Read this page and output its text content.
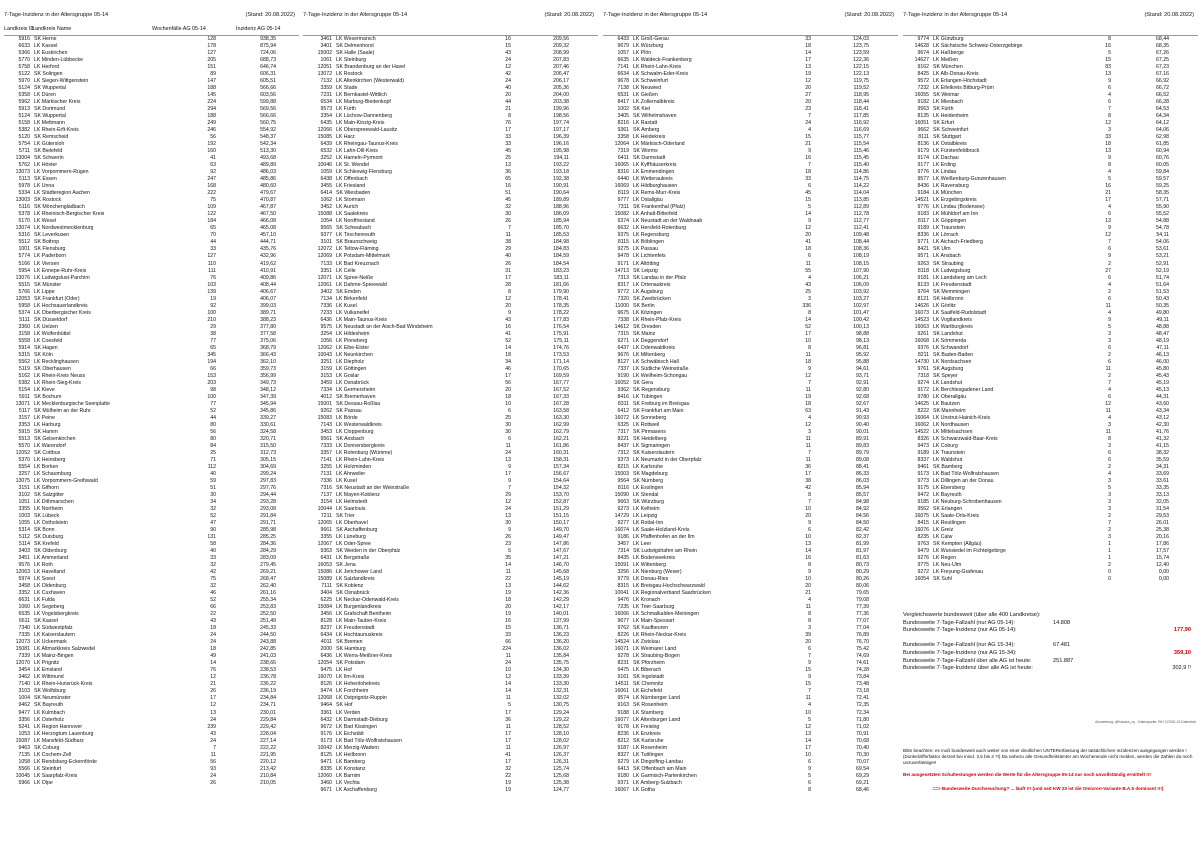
7-Tage-Inzidenz in der Altersgruppe 05-14	(Stand: 20.08.2022)
Landkreis ID
Landkreis Name	Wochenfälle AG 05-14	Inzidenz AG 05-14
5916 SK Herne	128	938,35
6633 LK Kassel	178	875,94
5366 LK Euskirchen	127	724,06
5770 LK Minden-Lübbecke	205	688,73
5758 LK Herford	151	646,74
5122 SK Solingen	89	606,31
5970 LK Siegen-Wittgenstein	147	605,51
5124 SK Wuppertal	188	566,66
5358 LK Düren	145	603,56
5962 LK Märkischer Kreis	224	599,88
5913 SK Dortmund	294	569,56
5124 SK Wuppertal	188	566,66
5158 LK Mettmann	249	560,75
5382 LK Rhein-Erft-Kreis	246	554,92
5120 SK Remscheid	56	548,37
5754 LK Gütersloh	192	542,34
5711 SK Bielefeld	160	513,30
13004 SK Schwerin	41	493,68
5762 LK Höxter	63	489,89
13073 LK Vorpommern-Rügen	92	486,03
5113 SK Essen	247	485,86
5978 LK Unna	168	480,60
5334 LK Städteregion Aachen	222	479,67
13003 SK Rostock	75	470,87
5116 SK Mönchengladbach	109	467,87
5378 LK Rheinisch-Bergischer Kreis	122	467,50
5170 LK Wesel	184	466,08
13074 LK Nordwestmecklenburg	65	465,08
5316 SK Leverkusen	70	457,10
5512 SK Bottrop	44	444,71
1001 SK Flensburg	33	435,76
5774 LK Paderborn	127	432,96
5166 LK Viersen	110	419,62
5954 LK Ennepe-Ruhr-Kreis	111	410,91
13076 LK Ludwigslust-Parchim	76	409,86
5515 SK Münster	103	408,44
5766 LK Lippe	139	406,67
12053 SK Frankfurt (Oder)	19	406,07
5958 LK Hochsauerlandkreis	92	399,03
5374 LK Oberbergischer Kreis	100	389,71
5111 SK Düsseldorf	210	388,23
3360 LK Uelzen	29	377,80
3158 LK Wolfenbüttel	38	377,58
5558 LK Coesfeld	77	375,06
5914 SK Hagen	65	368,79
5315 SK Köln	345	366,43
5562 LK Recklinghausen	194	362,10
5119 SK Oberhausen	66	359,73
5162 LK Rhein-Kreis Neuss	153	356,99
5382 LK Rhein-Sieg-Kreis	203	349,73
5154 LK Kleve	98	348,12
5911 SK Bochum	100	347,39
13071 LK Mecklenburgische Seenplatte	77	345,94
5117 SK Mülheim an der Ruhr	52	345,86
3157 LK Peine	44	339,27
3353 LK Harburg	80	330,61
5915 SK Hamm	56	324,58
5513 SK Gelsenkirchen	80	320,71
5570 LK Warendorf	84	315,50
12052 SK Cottbus	25	312,73
5370 LK Heinsberg	71	305,15
5554 LK Borken	112	304,69
3257 LK Schaumburg	40	299,24
13075 LK Vorpommern-Greifswald	59	297,83
3151 LK Gifhorn	51	297,76
3102 SK Salzgitter	30	294,44
1051 LK Dithmarschen	34	293,28
3355 LK Northeim	32	293,08
1003 SK Lübeck	52	291,84
1055 LK Ostholstein	47	291,71
5314 SK Bonn	90	285,98
5112 SK Duisburg	131	285,25
5114 SK Krefeld	58	284,36
3403 SK Oldenburg	40	284,29
3451 LK Ammerland	33	283,09
9576 LK Roth	32	279,45
12063 LK Havelland	42	269,21
5974 LK Soest	75	268,47
3458 LK Oldenburg	32	262,40
3352 LK Cuxhaven	46	261,16
6631 LK Fulda	52	255,34
1060 LK Segeberg	66	253,83
6535 LK Vogelsbergkreis	22	252,50
6611 SK Kassel	43	251,49
7340 LK Südwestpfalz	18	245,33
7335 LK Kaiserslautern	24	244,50
12073 LK Uckermark	24	243,88
15081 LK Altmarkkreis Salzwedel	18	242,85
7339 LK Mainz-Bingen	49	241,03
12070 LK Prignitz	14	238,66
3454 LK Emsland	76	238,53
3462 LK Wittmund	12	236,78
7140 LK Rhein-Hunsrück-Kreis	21	236,22
3103 SK Wolfsburg	26	236,19
1004 SK Neumünster	17	234,84
9462 SK Bayreuth	12	234,71
9477 LK Kulmbach	13	230,01
3356 LK Osterholz	24	229,84
5241 LK Region Hannover	239	229,42
1053 LK Herzogtum Lauenburg	43	228,04
15087 LK Mansfeld-Südharz	24	227,14
9463 SK Coburg	7	222,22
7135 LK Cochem-Zell	11	221,95
1058 LK Rendsburg-Eckernförde	56	220,12
5566 LK Steinfurt	93	213,42
10045 LK Saarpfalz-Kreis	24	210,84
5966 LK Olpe	26	210,05
7-Tage-Inzidenz in der Altersgruppe 05-14	(Stand: 20.08.2022)
3461 LK Wesermarsch	16	209,56
3401 SK Delmenhorst	15	209,32
15002 SK Halle (Saale)	43	208,99
1061 LK Steinburg	24	207,83
12051 SK Brandenburg an der Havel	12	207,46
13072 LK Rostock	42	206,47
7132 LK Altenkirchen (Westerwald)	24	206,17
3359 LK Stade	40	205,36
7231 LK Bernkastel-Wittlich	20	204,00
6534 LK Marburg-Biedenkopf	44	203,38
9573 LK Fürth	21	199,96
3354 LK Lüchow-Dannenberg	8	198,56
6435 LK Main-Kinzig-Kreis	76	197,74
12066 LK Oberspreewald-Lausitz	17	197,17
15085 LK Harz	33	196,39
6439 LK Rheingau-Taunus-Kreis	33	196,16
6532 LK Lahn-Dill-Kreis	45	195,98
3252 LK Hameln-Pyrmont	25	194,11
10046 LK St. Wendel	13	193,22
1059 LK Schleswig-Flensburg	36	193,18
6438 LK Offenbach	65	192,38
3455 LK Friesland	16	190,91
6414 SK Wiesbaden	51	190,64
1062 LK Stormarn	45	189,89
3452 LK Aurich	32	188,96
15088 LK Saalekreis	30	186,09
1054 LK Nordfriesland	26	185,94
9565 SK Schwabach	7	185,70
9377 LK Tirschenreuth	11	185,53
3101 SK Braunschweig	38	184,98
12072 LK Teltow-Fläming	29	184,83
12069 LK Potsdam-Mittelmark	40	184,59
7133 LK Bad Kreuznach	26	184,54
3351 LK Celle	31	183,23
12071 LK Spree-Neiße	17	183,11
12061 LK Dahme-Spreewald	28	181,66
3402 SK Emden	8	179,90
7134 LK Birkenfeld	12	178,41
7336 LK Kusel	20	178,35
7233 LK Vulkaneifel	9	178,22
6436 LK Main-Taunus-Kreis	43	177,83
9575 LK Neustadt an der Aisch-Bad Windsheim	16	176,54
3254 LK Hildesheim	41	175,91
1056 LK Pinneberg	52	175,11
12062 LK Elbe-Elster	14	174,76
10043 LK Neunkirchen	18	173,53
3251 LK Diepholz	34	171,14
3159 LK Göttingen	46	170,65
3153 LK Goslar	17	169,59
3459 LK Osnabrück	56	167,77
7334 LK Germersheim	20	167,52
4012 SK Bremerhaven	18	167,33
15001 SK Dessau-Roßlau	10	167,28
9262 SK Passau	6	163,58
15083 LK Börde	25	163,30
7143 LK Westerwaldkreis	30	162,99
3453 LK Cloppenburg	30	162,79
9561 SK Ansbach	6	162,21
7333 LK Donnersbergkreis	11	161,86
3357 LK Rotenburg (Wümme)	24	160,31
7141 LK Rhein-Lahn-Kreis	13	158,31
3255 LK Holzminden	9	157,34
7131 LK Ahrweiler	17	156,67
7336 LK Kusel	9	154,64
7316 SK Neustadt an der Weinstraße	7	154,32
7137 LK Mayen-Koblenz	29	153,70
3154 LK Helmstedt	12	152,87
10044 LK Saarlouis	24	151,29
7211 SK Trier	13	151,15
12065 LK Oberhavel	30	150,17
9661 SK Aschaffenburg	9	149,70
3355 LK Lüneburg	26	149,47
12067 LK Oder-Spree	23	147,86
9363 SK Weiden in der Oberpfalz	5	147,67
6431 LK Bergstraße	35	147,21
16053 SK Jena	14	146,70
15086 LK Jerichower Land	11	145,68
15089 LK Salzlandkreis	22	145,19
7111 SK Koblenz	13	144,62
3404 SK Osnabrück	19	142,36
6225 LK Neckar-Odenwald-Kreis	18	142,29
15084 LK Burgenlandkreis	20	142,17
3456 LK Grafschaft Bentheim	19	140,01
8128 LK Main-Tauber-Kreis	16	137,99
8237 LK Freudenstadt	15	136,71
6434 LK Hochtaunuskreis	33	136,23
4011 SK Bremen	66	136,20
2000 SK Hamburg	224	136,02
6436 LK Werra-Meißner-Kreis	11	135,84
12054 SK Potsdam	24	135,75
9475 LK Hof	10	134,30
16070 LK Ilm-Kreis	12	133,39
8126 LK Hohenlohekreis	14	133,30
9474 LK Forchheim	14	132,31
12068 LK Ostprignitz-Ruppin	11	132,02
9464 SK Hof	5	130,75
3361 LK Verden	17	129,24
6432 LK Darmstadt-Dieburg	36	129,22
9672 LK Bad Kissingen	11	128,52
9176 LK Eichstätt	17	128,10
9173 LK Bad Tölz-Wolfratshausen	17	128,02
10042 LK Merzig-Wadern	11	126,97
8125 LK Heilbronn	41	126,37
9471 LK Bamberg	17	126,31
8335 LK Konstanz	32	125,74
12060 LK Barnim	22	125,68
3460 LK Vechta	19	125,38
9671 LK Aschaffenburg	19	124,77
7-Tage-Inzidenz in der Altersgruppe 05-14	(Stand: 20.08.2022)
6433 LK Groß-Gerau	33	124,03
9679 LK Würzburg	18	123,75
1057 LK Plön	14	123,59
6635 LK Waldeck-Frankenberg	17	122,36
7141 LK Rhein-Lahn-Kreis	13	122,15
6634 LK Schwalm-Eder-Kreis	19	122,13
9678 LK Schweinfurt	12	119,75
7138 LK Neuwied	20	119,52
6531 LK Gießen	27	118,95
8417 LK Zollernalbkreis	20	118,44
1002 SK Kiel	23	118,41
3405 SK Wilhelmshaven	7	117,85
8216 LK Rastatt	24	116,92
9361 SK Amberg	4	116,69
3358 LK Heidekreis	15	115,77
12064 LK Märkisch-Oderland	21	115,54
7319 SK Worms	9	115,46
6411 SK Darmstadt	16	115,45
16065 LK Kyffhäuserkreis	7	115,40
8316 LK Emmendingen	18	114,86
6440 LK Wetteraukreis	33	114,75
16069 LK Hildburghausen	6	114,22
8119 LK Rems-Murr-Kreis	45	114,04
9777 LK Ostallgäu	15	113,85
7311 SK Frankenthal (Pfalz)	5	112,89
15082 LK Anhalt-Bitterfeld	14	112,78
9374 LK Neustadt an der Waldnaab	9	112,77
6632 LK Hersfeld-Rotenburg	12	112,41
9375 LK Regensburg	20	109,48
8115 LK Böblingen	41	108,44
9275 LK Passau	18	108,36
9478 LK Lichtenfels	6	108,19
9171 LK Altötting	11	108,15
14713 SK Leipzig	55	107,90
7313 SK Landau in der Pfalz	4	106,21
8317 LK Ortenaukreis	43	106,09
9772 LK Augsburg	25	103,92
7320 SK Zweibrücken	3	103,27
11000 SK Berlin	336	102,97
9675 LK Kitzingen	8	101,47
7338 LK Rhein-Pfalz-Kreis	14	100,42
14612 SK Dresden	52	100,13
7315 SK Mainz	17	98,88
9271 LK Deggendorf	10	98,13
6437 LK Odenwaldkreis	8	96,81
9676 LK Miltenberg	11	95,92
8127 LK Schwäbisch Hall	18	95,88
7337 LK Südliche Weinstraße	9	94,61
9190 LK Weilheim-Schongau	12	93,71
16052 SK Gera	7	92,91
9362 SK Regensburg	11	92,80
8416 LK Tübingen	19	92,68
8311 SK Freiburg im Breisgau	18	92,67
6412 SK Frankfurt am Main	63	91,43
16072 LK Sonneberg	4	90,93
6325 LK Rottweil	12	90,40
7317 SK Pirmasens	3	90,01
8221 SK Heidelberg	11	89,91
8437 LK Sigmaringen	11	89,83
7312 SK Kaiserslautern	7	89,79
9373 LK Neumarkt in der Oberpfalz	11	89,08
8215 LK Karlsruhe	36	88,41
15003 SK Magdeburg	17	86,33
9564 SK Nürnberg	38	86,03
8116 LK Esslingen	42	85,94
15090 LK Stendal	8	85,57
9663 SK Würzburg	7	84,98
9273 LK Kelheim	10	84,92
14729 LK Leipzig	20	84,56
9277 LK Rottal-Inn	9	84,50
16074 LK Saale-Holzland-Kreis	6	82,42
9186 LK Pfaffenhofen an der Ilm	10	82,37
3457 LK Leer	13	81,99
7314 SK Ludwigshafen am Rhein	14	81,97
8435 LK Bodenseekreis	16	81,63
15091 LK Wittenberg	8	80,73
3256 LK Nienburg (Weser)	9	80,29
9779 LK Donau-Ries	10	80,26
8315 LK Breisgau-Hochschwarzwald	20	80,06
10041 LK Regionalverband Saarbrücken	21	79,65
9476 LK Kronach	4	79,08
7235 LK Trier-Saarburg	11	77,39
16066 LK Schmalkalden-Meiningen	8	77,36
9677 LK Main-Spessart	8	77,07
9762 SK Kaufbeuren	3	77,04
8226 LK Rhein-Neckar-Kreis	39	76,89
14524 LK Zwickau	20	76,70
16071 LK Weimarer Land	6	75,42
9278 LK Straubing-Bogen	7	74,69
8231 SK Pforzheim	9	74,61
9475 LK Biberach	15	74,28
9161 SK Ingolstadt	9	73,84
14511 SK Chemnitz	15	73,48
16061 LK Eichsfeld	7	73,18
9574 LK Nürnberger Land	11	72,41
9163 SK Rosenheim	4	72,35
9188 LK Starnberg	10	72,34
16077 LK Altenburger Land	5	71,80
9178 LK Freising	12	71,02
8236 LK Enzkreis	13	70,91
8212 SK Karlsruhe	14	70,68
9187 LK Rosenheim	17	70,40
8327 LK Tuttlingen	10	70,30
9279 LK Dingolfing-Landau	6	70,07
6413 SK Offenbach am Main	9	69,54
9180 LK Garmisch-Partenkirchen	5	69,29
9371 LK Amberg-Sulzbach	6	69,21
16067 LK Gotha	8	68,46
7-Tage-Inzidenz in der Altersgruppe 05-14	(Stand: 20.08.2022)
9774 LK Günzburg	8	68,44
14628 LK Sächsische Schweiz-Osterzgebirge	16	68,35
9674 LK Haßberge	5	67,26
14627 LK Meißen	15	67,25
9162 SK München	83	67,23
8425 LK Alb-Donau-Kreis	13	67,16
9572 LK Erlangen-Höchstadt	9	66,92
7232 LK Eifelkreis Bitburg-Prüm	6	66,72
16055 SK Weimar	4	66,52
9182 LK Miesbach	6	66,28
9563 SK Fürth	7	64,53
8135 LK Heidenheim	8	64,34
16051 SK Erfurt	12	64,12
9662 SK Schweinfurt	3	64,06
8111 SK Stuttgart	33	62,98
8136 LK Ostalbkreis	18	61,85
9179 LK Fürstenfeldbruck	13	60,94
9174 LK Dachau	9	60,76
9177 LK Erding	8	60,05
9776 LK Lindau	4	59,84
9577 LK Weißenburg-Gunzenhausen	5	59,57
8436 LK Ravensburg	16	59,25
9184 LK München	21	58,35
14521 LK Erzgebirgskreis	17	57,71
9776 LK Lindau (Bodensee)	4	55,90
9183 LK Mühldorf am Inn	6	55,52
8117 LK Göppingen	13	54,88
9189 LK Traunstein	9	54,78
8336 LK Lörrach	12	54,11
9771 LK Aichach-Friedberg	7	54,06
8421 SK Ulm	6	53,61
9571 LK Ansbach	9	53,21
9263 SK Straubing	2	52,91
8118 LK Ludwigsburg	27	52,19
9181 LK Landsberg am Lech	6	51,74
8133 LK Freudenstadt	4	51,64
9764 SK Memmingen	2	51,53
8121 SK Heilbronn	6	50,43
14626 LK Görlitz	11	50,35
16073 LK Saalfeld-Rudolstadt	4	49,80
14523 LK Vogtlandkreis	9	49,11
16063 LK Wartburgkreis	5	48,88
9261 SK Landshut	3	48,47
16068 LK Sömmerda	3	48,19
9376 LK Schwandorf	6	47,11
8211 SK Baden-Baden	2	46,13
14730 LK Nordsachsen	6	46,00
9761 SK Augsburg	11	45,80
7318 SK Speyer	2	45,43
9274 LK Landshut	7	45,19
9172 LK Berchtesgadener Land	4	45,13
9780 LK Oberallgäu	6	44,31
14625 LK Bautzen	12	43,60
8222 SK Mannheim	11	43,34
16064 LK Unstrut-Hainich-Kreis	4	43,12
16062 LK Nordhausen	3	42,30
14522 LK Mittelsachsen	11	41,76
8326 LK Schwarzwald-Baar-Kreis	8	41,32
9473 LK Coburg	3	41,15
9189 LK Traunstein	6	38,32
8337 LK Waldshut	6	35,59
9461 SK Bamberg	2	34,31
9173 LK Bad Tölz-Wolfratshausen	4	33,69
9773 LK Dillingen an der Donau	3	33,61
9175 LK Ebersberg	5	33,35
9472 LK Bayreuth	3	33,13
9185 LK Neuburg-Schrobenhausen	3	32,05
9562 SK Erlangen	3	31,54
16075 LK Saale-Orla-Kreis	2	29,53
8415 LK Reutlingen	7	26,01
16076 LK Greiz	2	25,38
8235 LK Calw	3	20,16
9763 SK Kempten (Allgäu)	1	17,86
9479 LK Wunsiedel im Fichtelgebirge	1	17,57
9276 LK Regen	1	15,74
9775 LK Neu-Ulm	2	12,40
9272 LK Freyung-Grafenau	0	0,00
16054 SK Suhl	0	0,00
Vergleichswerte bundesweit (über alle 400 Landkreise):
Bundesweite 7-Tage-Fallzahl (nur AG 05-14):	14.808
Bundesweite 7-Tage-Inzidenz (nur AG 05-14):	177,90
Bundesweite 7-Tage-Fallzahl (nur AG 15-34):	67.481
Bundesweite 7-Tage-Inzidenz (nur AG 15-34):	359,10
Bundesweite 7-Tage-Fallzahl über alle AG ist heute:	251.887
Bundesweite 7-Tage-Inzidenz über alle AG ist heute:	302,9 !!
Auswertung: @Kaoskn_ny · Datenquelle: RKI COVID-19 Datenhub
Bitte beachten: es muß bundesweit auch weiter von einer deutlichen UNTERerfassung der tatsächlichen Inzidenzen ausgegangen werden ! (Dunkelzifferfaktor derzeit bei mind. 3,5 bis 4 ?!) Da nahezu alle Gesundheitsämter am Wochenende nicht melden, werden die Zahlen da noch unzuverlässiger!
Bei ausgesetzten Schultestungen werden die Werte für die Altersgruppe 05-14 nur noch unvollständig ermittelt !!!
==> Bundesweite Durchseuchung? ... läuft !!! (und seit KW 23 ist die Omicron-Variante B.A.5 dominant !!!)
